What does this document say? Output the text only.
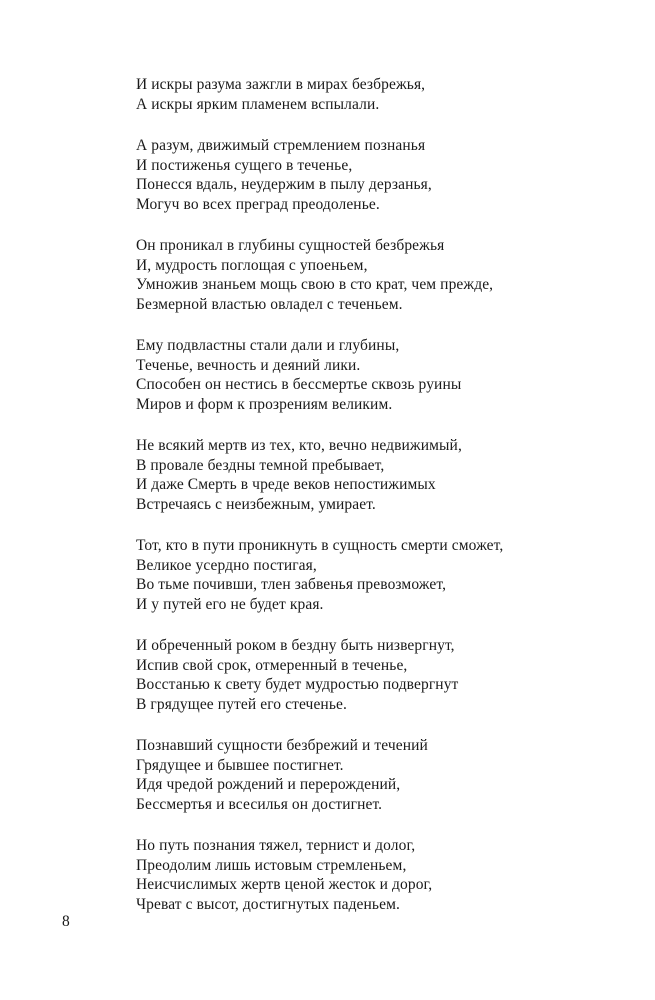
И искры разума зажгли в мирах безбрежья,
А искры ярким пламенем вспылали.
А разум, движимый стремлением познанья
И постиженья сущего в теченье,
Понесся вдаль, неудержим в пылу дерзанья,
Могуч во всех преград преодоленье.
Он проникал в глубины сущностей безбрежья
И, мудрость поглощая с упоеньем,
Умножив знаньем мощь свою в сто крат, чем прежде,
Безмерной властью овладел с теченьем.
Ему подвластны стали дали и глубины,
Теченье, вечность и деяний лики.
Способен он нестись в бессмертье сквозь руины
Миров и форм к прозрениям великим.
Не всякий мертв из тех, кто, вечно недвижимый,
В провале бездны темной пребывает,
И даже Смерть в чреде веков непостижимых
Встречаясь с неизбежным, умирает.
Тот, кто в пути проникнуть в сущность смерти сможет,
Великое усердно постигая,
Во тьме почивши, тлен забвенья превозможет,
И у путей его не будет края.
И обреченный роком в бездну быть низвергнут,
Испив свой срок, отмеренный в теченье,
Восстанью к свету будет мудростью подвергнут
В грядущее путей его стеченье.
Познавший сущности безбрежий и течений
Грядущее и бывшее постигнет.
Идя чредой рождений и перерождений,
Бессмертья и всесилья он достигнет.
Но путь познания тяжел, тернист и долог,
Преодолим лишь истовым стремленьем,
Неисчислимых жертв ценой жесток и дорог,
Чреват с высот, достигнутых паденьем.
8
